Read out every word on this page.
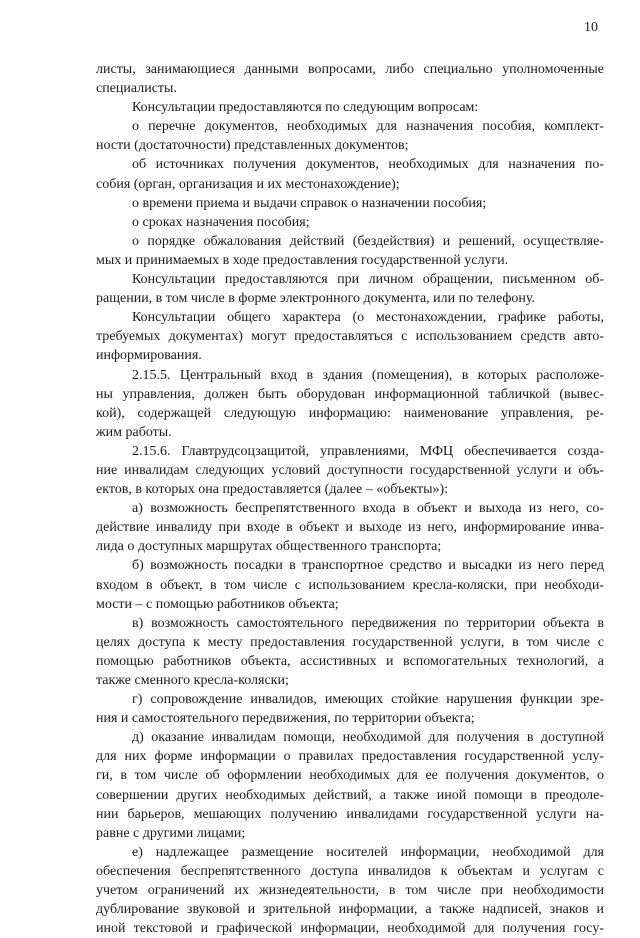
10
листы, занимающиеся данными вопросами, либо специально уполномоченные
специалисты.
Консультации предоставляются по следующим вопросам:
о перечне документов, необходимых для назначения пособия, комплект-
ности (достаточности) представленных документов;
об источниках получения документов, необходимых для назначения по-
собия (орган, организация и их местонахождение);
о времени приема и выдачи справок о назначении пособия;
о сроках назначения пособия;
о порядке обжалования действий (бездействия) и решений, осуществляе-
мых и принимаемых в ходе предоставления государственной услуги.
Консультации предоставляются при личном обращении, письменном об-
ращении, в том числе в форме электронного документа, или по телефону.
Консультации общего характера (о местонахождении, графике работы,
требуемых документах) могут предоставляться с использованием средств авто-
информирования.
2.15.5. Центральный вход в здания (помещения), в которых расположе-
ны управления, должен быть оборудован информационной табличкой (вывес-
кой), содержащей следующую информацию: наименование управления, ре-
жим работы.
2.15.6. Главтрудсоцзащитой, управлениями, МФЦ обеспечивается созда-
ние инвалидам следующих условий доступности государственной услуги и объ-
ектов, в которых она предоставляется (далее – «объекты»):
а) возможность беспрепятственного входа в объект и выхода из него, со-
действие инвалиду при входе в объект и выходе из него, информирование инва-
лида о доступных маршрутах общественного транспорта;
б) возможность посадки в транспортное средство и высадки из него перед
входом в объект, в том числе с использованием кресла-коляски, при необходи-
мости – с помощью работников объекта;
в) возможность самостоятельного передвижения по территории объекта в
целях доступа к месту предоставления государственной услуги, в том числе с
помощью работников объекта, ассистивных и вспомогательных технологий, а
также сменного кресла-коляски;
г) сопровождение инвалидов, имеющих стойкие нарушения функции зре-
ния и самостоятельного передвижения, по территории объекта;
д) оказание инвалидам помощи, необходимой для получения в доступной
для них форме информации о правилах предоставления государственной услу-
ги, в том числе об оформлении необходимых для ее получения документов, о
совершении других необходимых действий, а также иной помощи в преодоле-
нии барьеров, мешающих получению инвалидами государственной услуги на-
равне с другими лицами;
е) надлежащее размещение носителей информации, необходимой для
обеспечения беспрепятственного доступа инвалидов к объектам и услугам с
учетом ограничений их жизнедеятельности, в том числе при необходимости
дублирование звуковой и зрительной информации, а также надписей, знаков и
иной текстовой и графической информации, необходимой для получения госу-
